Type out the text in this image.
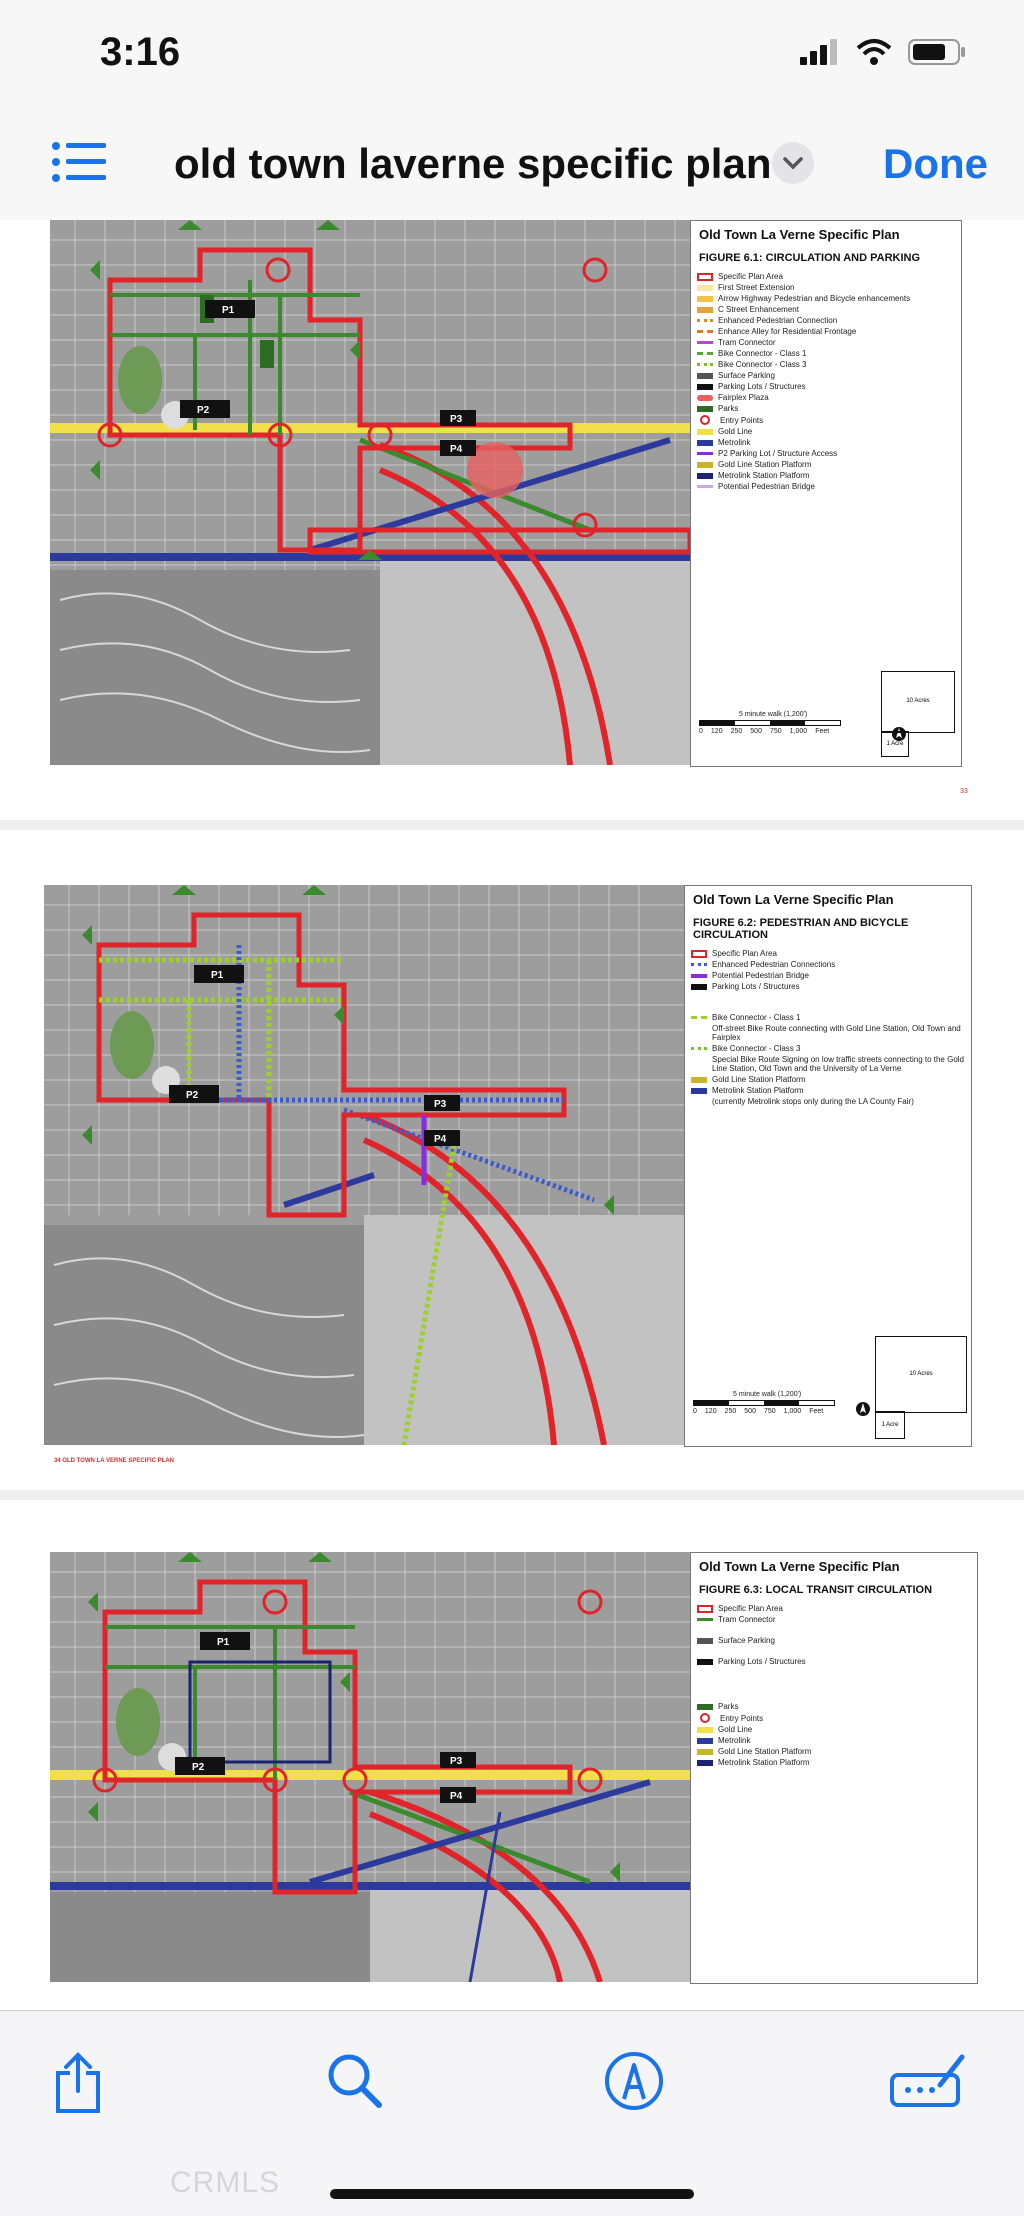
3:16
old town laverne specific plan	Done
P1
P2
P3
P4
Old Town La Verne Specific Plan
FIGURE 6.1: CIRCULATION AND PARKING
Specific Plan Area
First Street Extension
Arrow Highway Pedestrian and Bicycle enhancements
C Street Enhancement
Enhanced Pedestrian Connection
Enhance Alley for Residential Frontage
Tram Connector
Bike Connector - Class 1
Bike Connector - Class 3
Surface Parking
Parking Lots / Structures
Fairplex Plaza
Parks
Entry Points
Gold Line
Metrolink
P2 Parking Lot / Structure Access
Gold Line Station Platform
Metrolink Station Platform
Potential Pedestrian Bridge
5 minute walk (1,200')
0 120 250 500 750 1,000 Feet
10 Acres
1 Acre
33
P1
P2
P3
P4
Old Town La Verne Specific Plan
FIGURE 6.2: PEDESTRIAN AND BICYCLE CIRCULATION
Specific Plan Area
Enhanced Pedestrian Connections
Potential Pedestrian Bridge
Parking Lots / Structures
Bike Connector - Class 1
Off-street Bike Route connecting with Gold Line Station, Old Town and Fairplex
Bike Connector - Class 3
Special Bike Route Signing on low traffic streets connecting to the Gold Line Station, Old Town and the University of La Verne
Gold Line Station Platform
Metrolink Station Platform
(currently Metrolink stops only during the LA County Fair)
5 minute walk (1,200')
0 120 250 500 750 1,000 Feet
10 Acres
1 Acre
34 OLD TOWN LA VERNE SPECIFIC PLAN
P1
P2
P3
P4
Old Town La Verne Specific Plan
FIGURE 6.3: LOCAL TRANSIT CIRCULATION
Specific Plan Area
Tram Connector
Surface Parking
Parking Lots / Structures
Parks
Entry Points
Gold Line
Metrolink
Gold Line Station Platform
Metrolink Station Platform
CRMLS
